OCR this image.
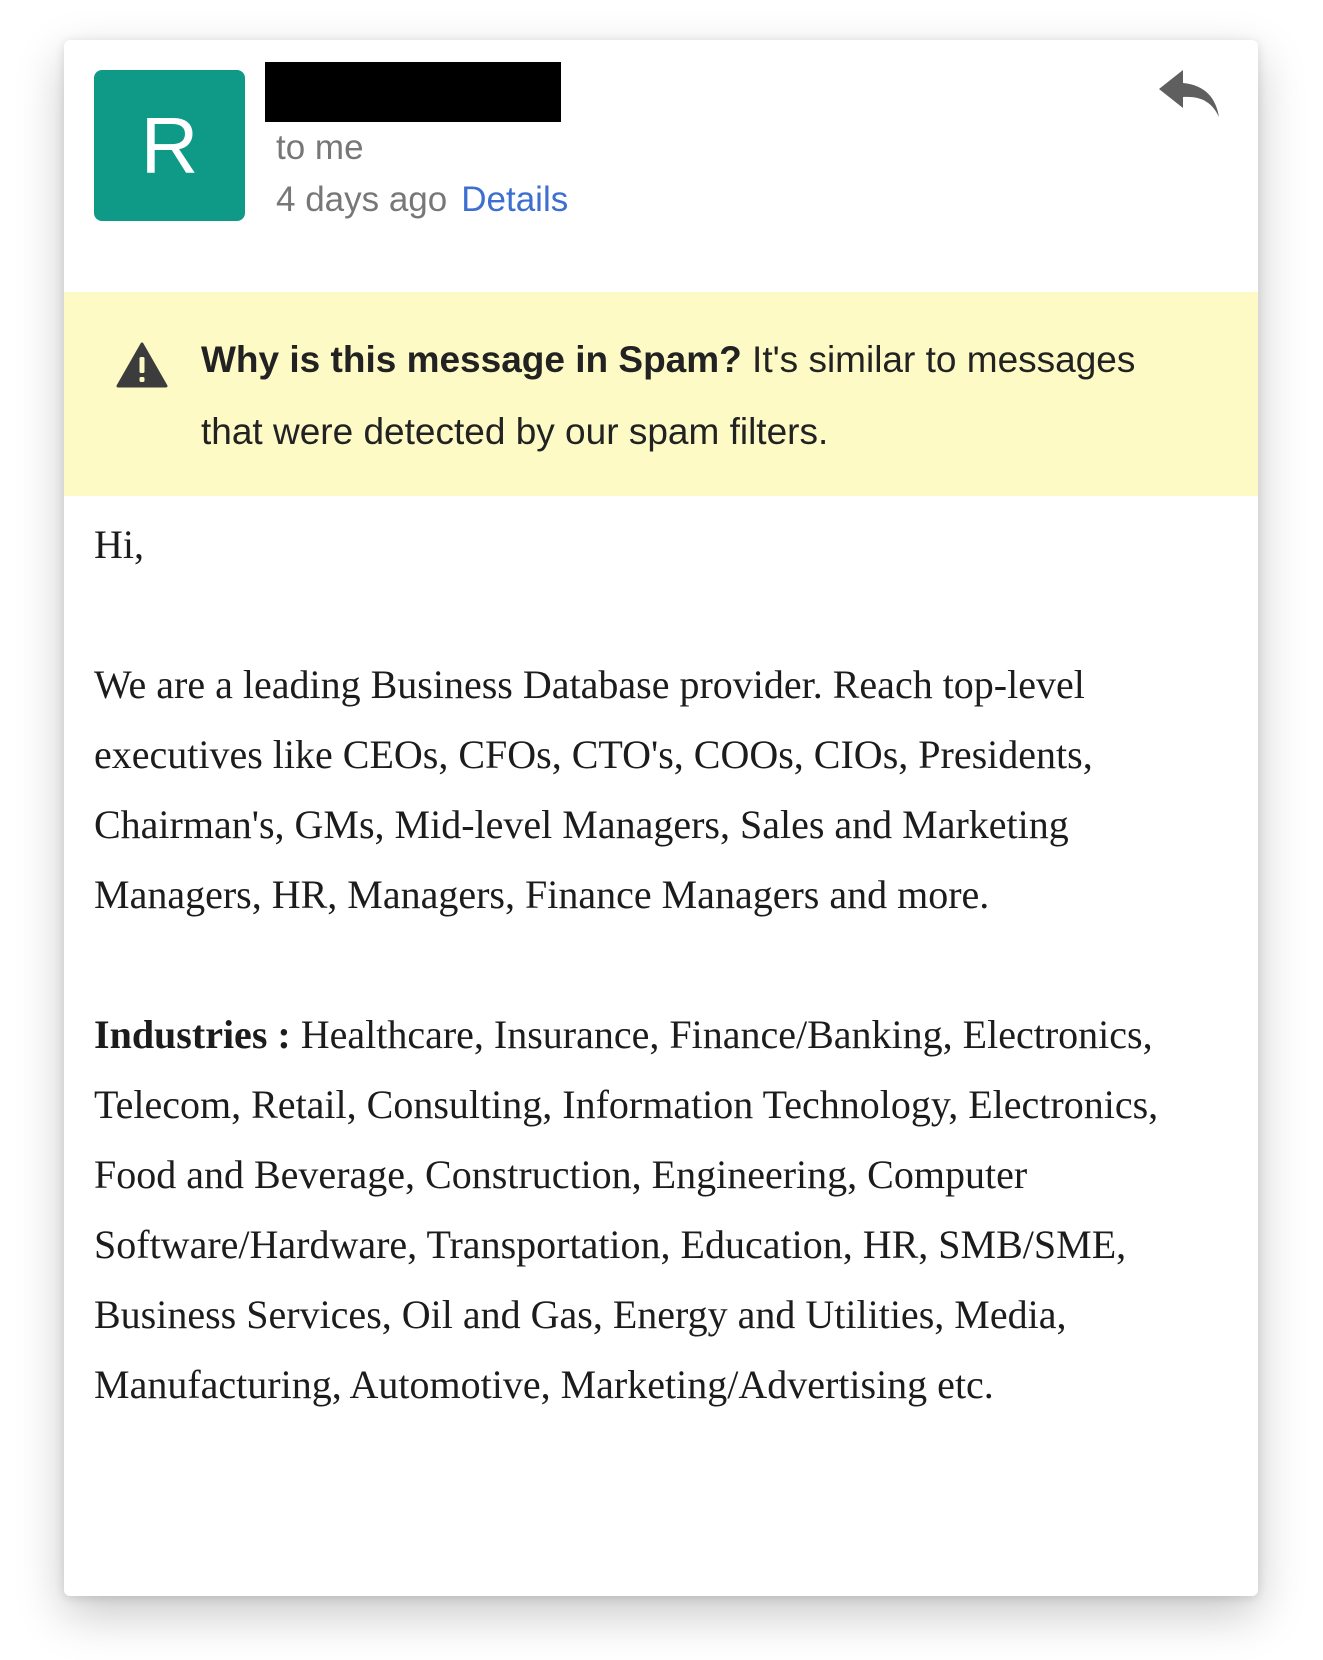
R	to me

4 days ago Details

Why is this message in Spam? It's similar to messages that were detected by our spam filters.

Hi,

We are a leading Business Database provider. Reach top-level executives like CEOs, CFOs, CTO's, COOs, CIOs, Presidents, Chairman's, GMs, Mid-level Managers, Sales and Marketing Managers, HR, Managers, Finance Managers and more.

Industries : Healthcare, Insurance, Finance/Banking, Electronics, Telecom, Retail, Consulting, Information Technology, Electronics, Food and Beverage, Construction, Engineering, Computer Software/Hardware, Transportation, Education, HR, SMB/SME, Business Services, Oil and Gas, Energy and Utilities, Media, Manufacturing, Automotive, Marketing/Advertising etc.
